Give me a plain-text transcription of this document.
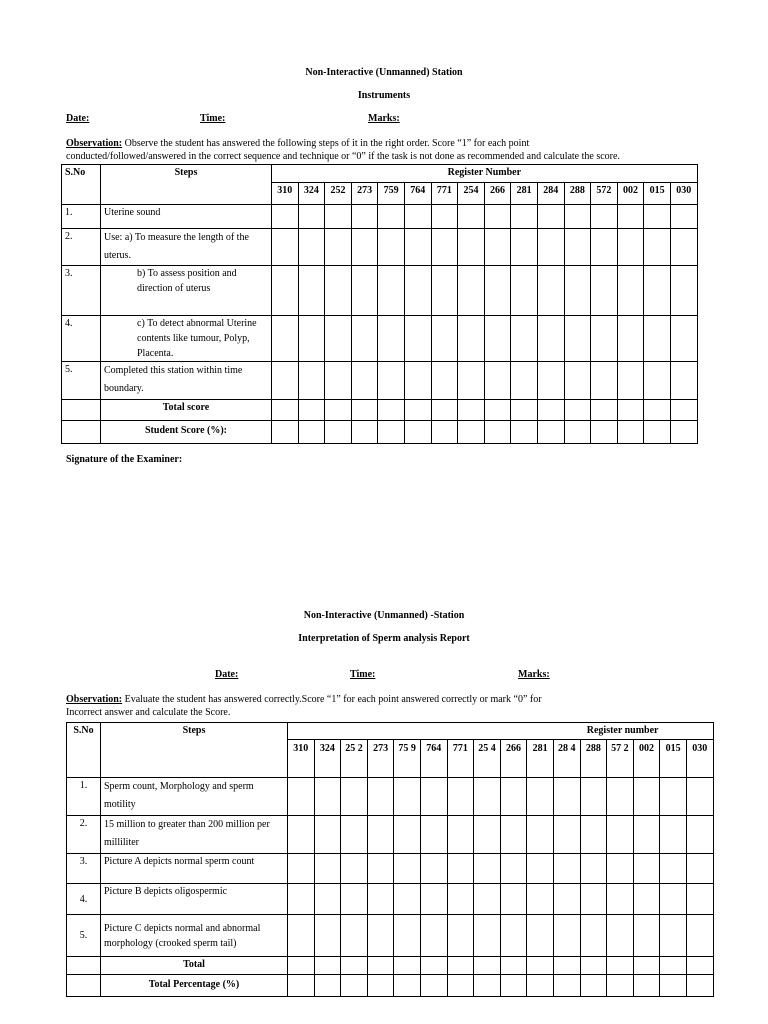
Non-Interactive (Unmanned) Station
Instruments
Date:	Time:	Marks:
Observation: Observe the student has answered the following steps of it in the right order. Score “1” for each point
conducted/followed/answered in the correct sequence and technique or “0” if the task is not done as recommended and calculate the score.
S.No	Steps	Register Number															
		310	324	252	273	759	764	771	254	266	281	284	288	572	002	015	030
1.	Uterine sound																
2.	Use: a) To measure the length of the uterus.																
3.	b) To assess position and direction of uterus																
4.	c) To detect abnormal Uterine contents like tumour, Polyp, Placenta.																
5.	Completed this station within time boundary.																
	Total score																
	Student Score (%):																
Signature of the Examiner:
Non-Interactive (Unmanned) -Station
Interpretation of Sperm analysis Report
Date:	Time:	Marks:
Observation: Evaluate the student has answered correctly.Score “1” for each point answered correctly or mark “0” for
Incorrect answer and calculate the Score.
S.No	Steps	Register number															
		310	324	25 2	273	75 9	764	771	25 4	266	281	28 4	288	57 2	002	015	030
1.	Sperm count, Morphology and sperm motility																
2.	15 million to greater than 200 million per milliliter																
3.	Picture A depicts normal sperm count																
4.	Picture B depicts oligospermic																
5.	Picture C depicts normal and abnormal morphology (crooked sperm tail)																
	Total																
	Total Percentage (%)																
